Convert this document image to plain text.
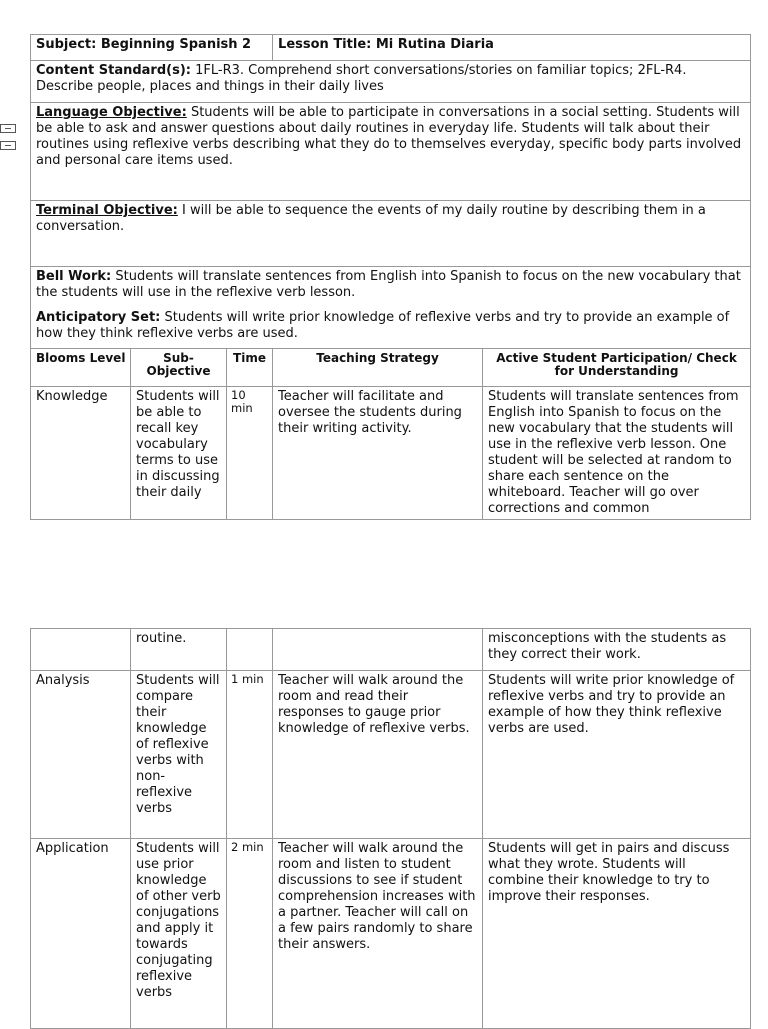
Subject: Beginning Spanish 2			Lesson Title: Mi Rutina Diaria	
Content Standard(s): 1FL-R3. Comprehend short conversations/stories on familiar topics; 2FL-R4. Describe people, places and things in their daily lives				
Language Objective: Students will be able to participate in conversations in a social setting. Students will be able to ask and answer questions about daily routines in everyday life. Students will talk about their routines using reflexive verbs describing what they do to themselves everyday, specific body parts involved and personal care items used.				
Terminal Objective: I will be able to sequence the events of my daily routine by describing them in a conversation.				

Bell Work: Students will translate sentences from English into Spanish to focus on the new vocabulary that the students will use in the reflexive verb lesson.
Anticipatory Set: Students will write prior knowledge of reflexive verbs and try to provide an example of how they think reflexive verbs are used.				

Blooms Level	Sub-Objective	Time	Teaching Strategy	Active Student Participation/ Check for Understanding
Knowledge	Students will be able to recall key vocabulary terms to use in discussing their daily	10 min	Teacher will facilitate and oversee the students during their writing activity.	Students will translate sentences from English into Spanish to focus on the new vocabulary that the students will use in the reflexive verb lesson. One student will be selected at random to share each sentence on the whiteboard. Teacher will go over corrections and common
	routine.			misconceptions with the students as they correct their work.
Analysis	Students will compare their knowledge of reflexive verbs with non-reflexive verbs	1 min	Teacher will walk around the room and read their responses to gauge prior knowledge of reflexive verbs.	Students will write prior knowledge of reflexive verbs and try to provide an example of how they think reflexive verbs are used.
Application	Students will use prior knowledge of other verb conjugations and apply it towards conjugating reflexive verbs	2 min	Teacher will walk around the room and listen to student discussions to see if student comprehension increases with a partner. Teacher will call on a few pairs randomly to share their answers.	Students will get in pairs and discuss what they wrote. Students will combine their knowledge to try to improve their responses.
